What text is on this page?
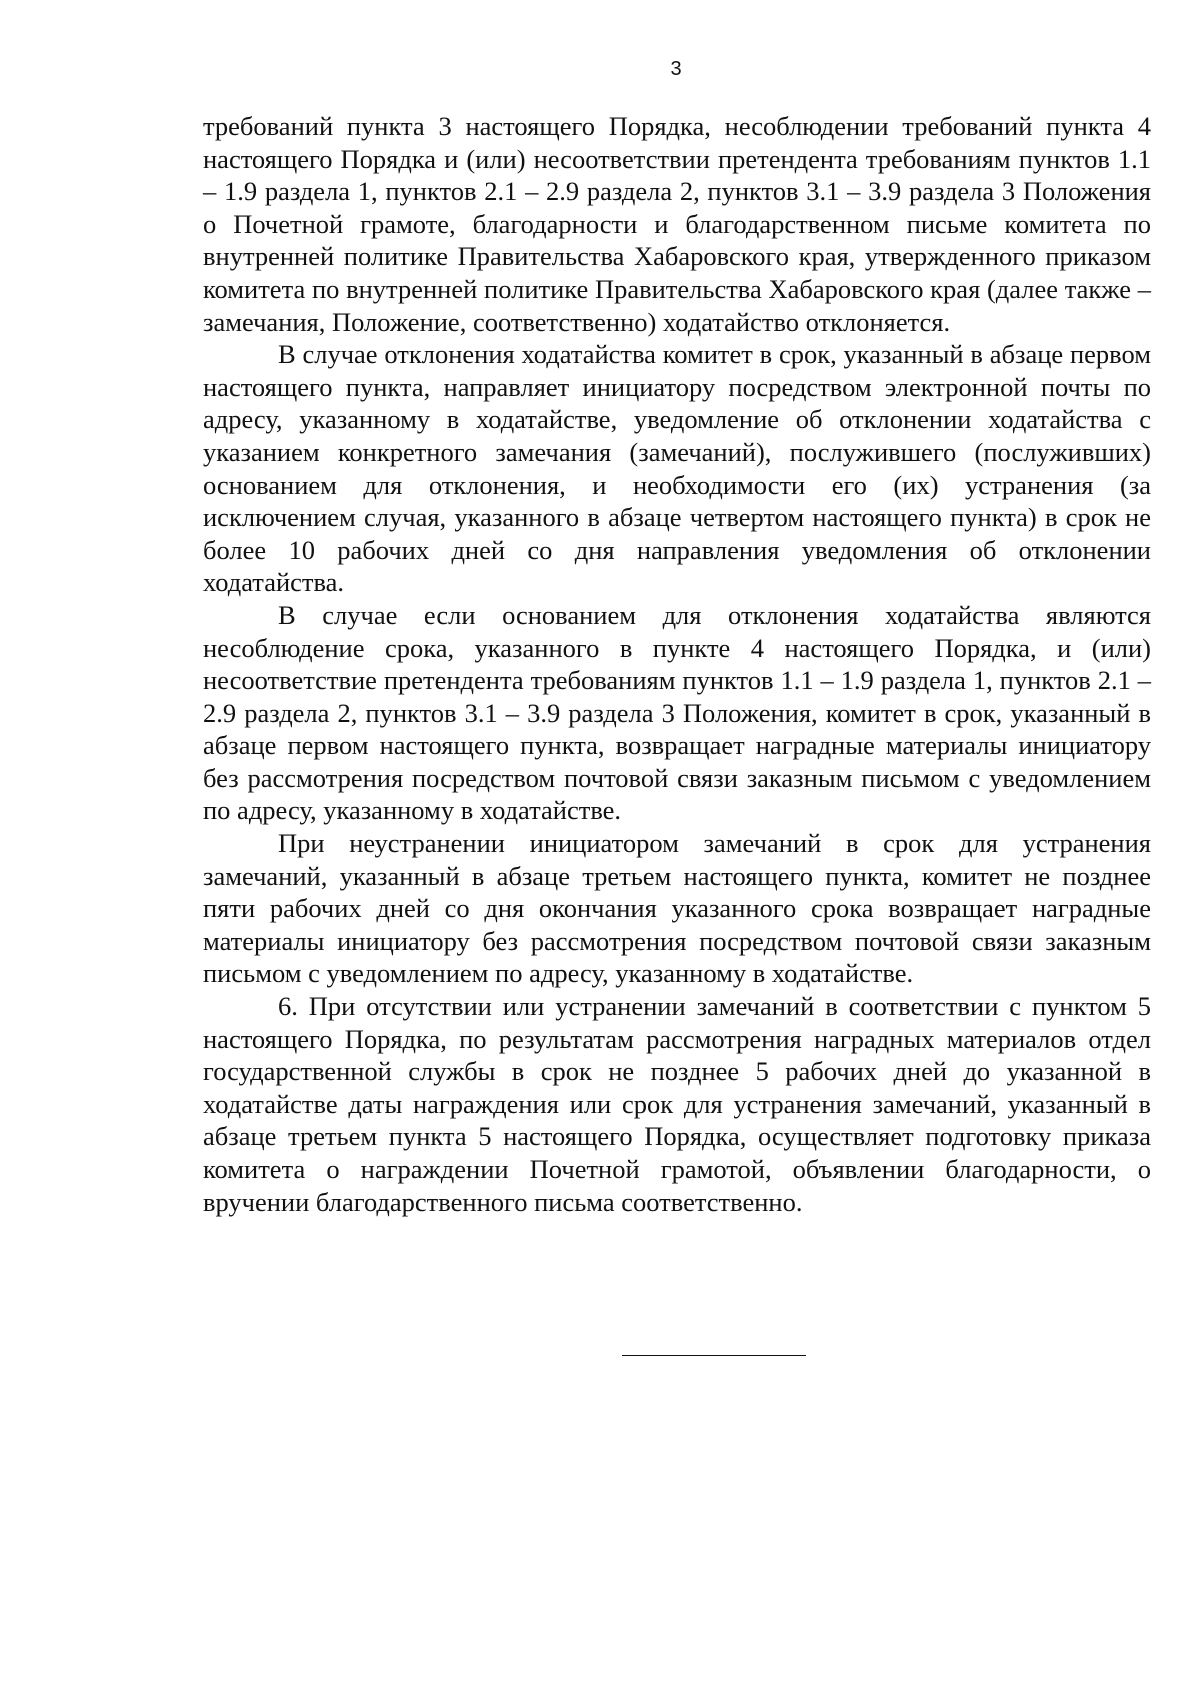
3

требований пункта 3 настоящего Порядка, несоблюдении требований пункта 4 настоящего Порядка и (или) несоответствии претендента требованиям пунктов 1.1 – 1.9 раздела 1, пунктов 2.1 – 2.9 раздела 2, пунктов 3.1 – 3.9 раздела 3 Положения о Почетной грамоте, благодарности и благодарственном письме комитета по внутренней политике Правительства Хабаровского края, утвержденного приказом комитета по внутренней политике Правительства Хабаровского края (далее также – замечания, Положение, соответственно) ходатайство отклоняется.

В случае отклонения ходатайства комитет в срок, указанный в абзаце первом настоящего пункта, направляет инициатору посредством электронной почты по адресу, указанному в ходатайстве, уведомление об отклонении ходатайства с указанием конкретного замечания (замечаний), послужившего (послуживших) основанием для отклонения, и необходимости его (их) устранения (за исключением случая, указанного в абзаце четвертом настоящего пункта) в срок не более 10 рабочих дней со дня направления уведомления об отклонении ходатайства.

В случае если основанием для отклонения ходатайства являются несоблюдение срока, указанного в пункте 4 настоящего Порядка, и (или) несоответствие претендента требованиям пунктов 1.1 – 1.9 раздела 1, пунктов 2.1 – 2.9 раздела 2, пунктов 3.1 – 3.9 раздела 3 Положения, комитет в срок, указанный в абзаце первом настоящего пункта, возвращает наградные материалы инициатору без рассмотрения посредством почтовой связи заказным письмом с уведомлением по адресу, указанному в ходатайстве.

При неустранении инициатором замечаний в срок для устранения замечаний, указанный в абзаце третьем настоящего пункта, комитет не позднее пяти рабочих дней со дня окончания указанного срока возвращает наградные материалы инициатору без рассмотрения посредством почтовой связи заказным письмом с уведомлением по адресу, указанному в ходатайстве.

6. При отсутствии или устранении замечаний в соответствии с пунктом 5 настоящего Порядка, по результатам рассмотрения наградных материалов отдел государственной службы в срок не позднее 5 рабочих дней до указанной в ходатайстве даты награждения или срок для устранения замечаний, указанный в абзаце третьем пункта 5 настоящего Порядка, осуществляет подготовку приказа комитета о награждении Почетной грамотой, объявлении благодарности, о вручении благодарственного письма соответственно.
